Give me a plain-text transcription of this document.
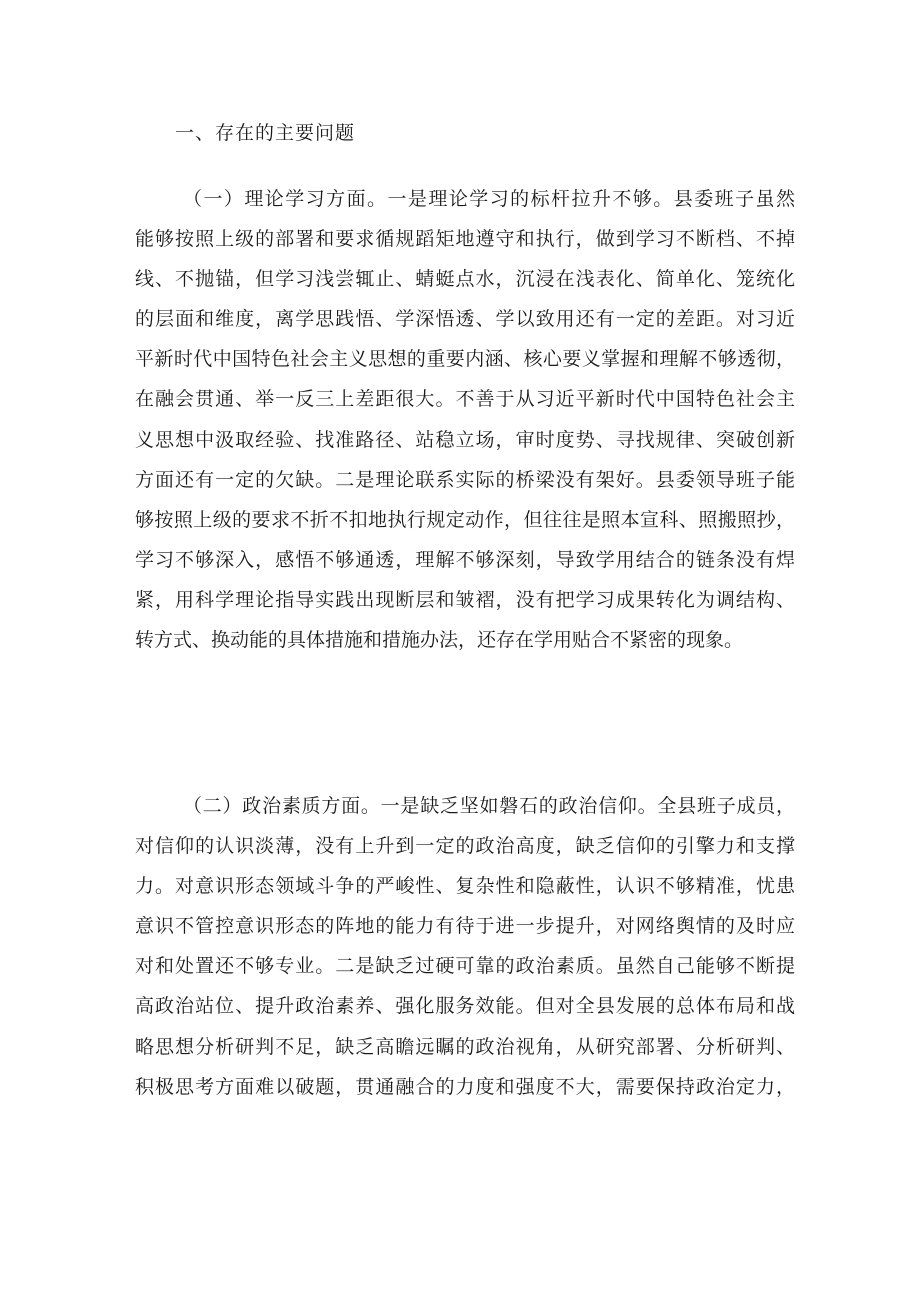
一、存在的主要问题
（一）理论学习方面。一是理论学习的标杆拉升不够。县委班子虽然
能够按照上级的部署和要求循规蹈矩地遵守和执行，做到学习不断档、不掉
线、不抛锚，但学习浅尝辄止、蜻蜓点水，沉浸在浅表化、简单化、笼统化
的层面和维度，离学思践悟、学深悟透、学以致用还有一定的差距。对习近
平新时代中国特色社会主义思想的重要内涵、核心要义掌握和理解不够透彻，
在融会贯通、举一反三上差距很大。不善于从习近平新时代中国特色社会主
义思想中汲取经验、找准路径、站稳立场，审时度势、寻找规律、突破创新
方面还有一定的欠缺。二是理论联系实际的桥梁没有架好。县委领导班子能
够按照上级的要求不折不扣地执行规定动作，但往往是照本宣科、照搬照抄，
学习不够深入，感悟不够通透，理解不够深刻，导致学用结合的链条没有焊
紧，用科学理论指导实践出现断层和皱褶，没有把学习成果转化为调结构、
转方式、换动能的具体措施和措施办法，还存在学用贴合不紧密的现象。
（二）政治素质方面。一是缺乏坚如磐石的政治信仰。全县班子成员，
对信仰的认识淡薄，没有上升到一定的政治高度，缺乏信仰的引擎力和支撑
力。对意识形态领域斗争的严峻性、复杂性和隐蔽性，认识不够精准，忧患
意识不管控意识形态的阵地的能力有待于进一步提升，对网络舆情的及时应
对和处置还不够专业。二是缺乏过硬可靠的政治素质。虽然自己能够不断提
高政治站位、提升政治素养、强化服务效能。但对全县发展的总体布局和战
略思想分析研判不足，缺乏高瞻远瞩的政治视角，从研究部署、分析研判、
积极思考方面难以破题，贯通融合的力度和强度不大，需要保持政治定力，
